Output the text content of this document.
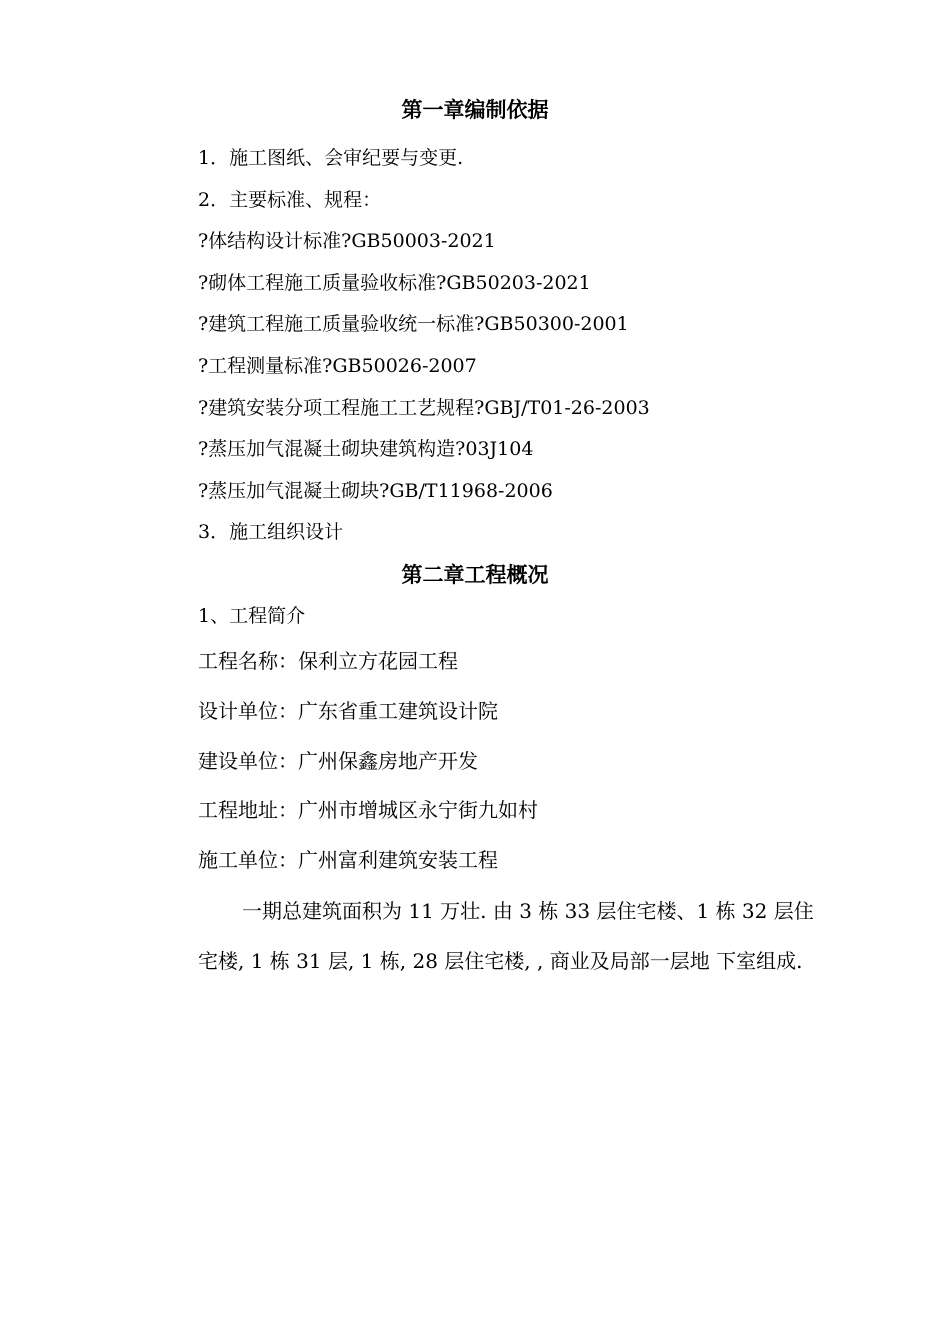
第一章编制依据
1．施工图纸、会审纪要与变更.
2．主要标准、规程：
?体结构设计标准?GB50003-2021
?砌体工程施工质量验收标准?GB50203-2021
?建筑工程施工质量验收统一标准?GB50300-2001
?工程测量标准?GB50026-2007
?建筑安装分项工程施工工艺规程?GBJ/T01-26-2003
?蒸压加气混凝土砌块建筑构造?03J104
?蒸压加气混凝土砌块?GB/T11968-2006
3．施工组织设计
第二章工程概况
1、工程简介
工程名称：保利立方花园工程
设计单位：广东省重工建筑设计院
建设单位：广州保鑫房地产开发
工程地址：广州市增城区永宁街九如村
施工单位：广州富利建筑安装工程
一期总建筑面积为 11 万壮. 由 3 栋 33 层住宅楼、1 栋 32 层住
宅楼, 1 栋 31 层, 1 栋, 28 层住宅楼, , 商业及局部一层地 下室组成.
